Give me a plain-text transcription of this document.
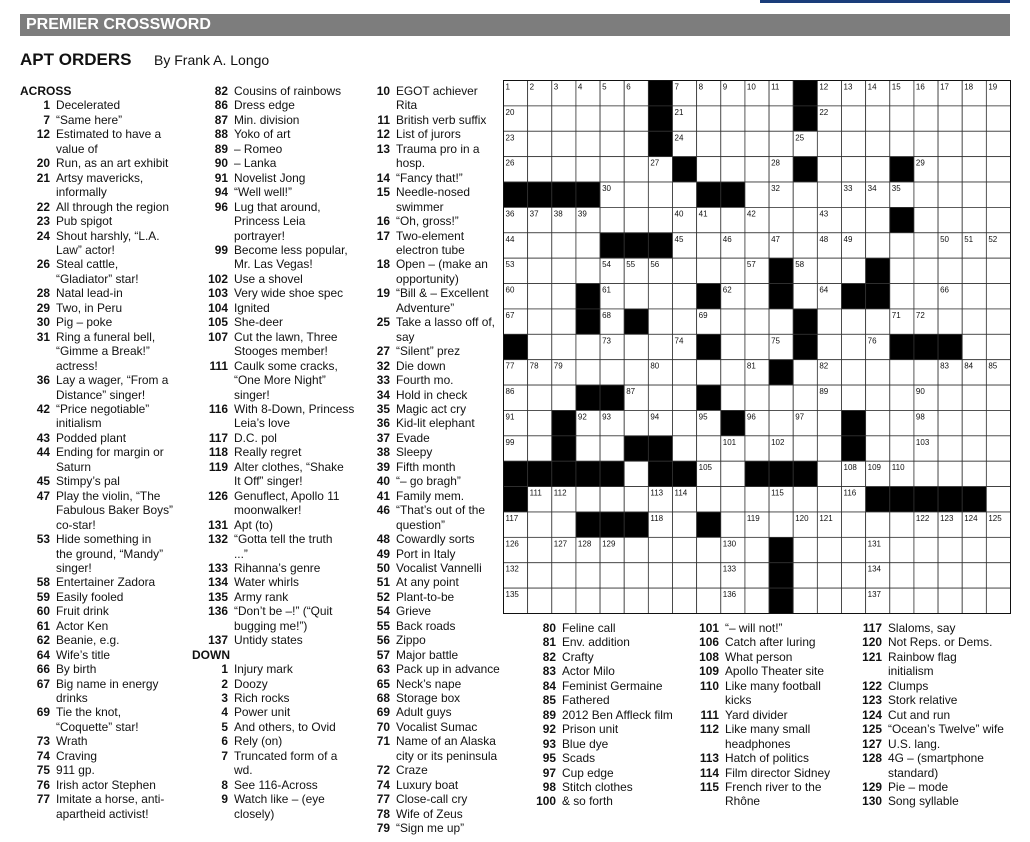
PREMIER CROSSWORD
APT ORDERS By Frank A. Longo
ACROSS
1 Decelerated
7 “Same here”
12 Estimated to have a
value of
20 Run, as an art exhibit
21 Artsy mavericks,
informally
22 All through the region
23 Pub spigot
24 Shout harshly, “L.A.
Law” actor!
26 Steal cattle,
“Gladiator” star!
28 Natal lead-in
29 Two, in Peru
30 Pig – poke
31 Ring a funeral bell,
“Gimme a Break!”
actress!
36 Lay a wager, “From a
Distance” singer!
42 “Price negotiable”
initialism
43 Podded plant
44 Ending for margin or
Saturn
45 Stimpy’s pal
47 Play the violin, “The
Fabulous Baker Boys”
co-star!
53 Hide something in
the ground, “Mandy”
singer!
58 Entertainer Zadora
59 Easily fooled
60 Fruit drink
61 Actor Ken
62 Beanie, e.g.
64 Wife’s title
66 By birth
67 Big name in energy
drinks
69 Tie the knot,
“Coquette” star!
73 Wrath
74 Craving
75 911 gp.
76 Irish actor Stephen
77 Imitate a horse, anti-
apartheid activist!
82 Cousins of rainbows
86 Dress edge
87 Min. division
88 Yoko of art
89 – Romeo
90 – Lanka
91 Novelist Jong
94 “Well well!”
96 Lug that around,
Princess Leia
portrayer!
99 Become less popular,
Mr. Las Vegas!
102 Use a shovel
103 Very wide shoe spec
104 Ignited
105 She-deer
107 Cut the lawn, Three
Stooges member!
111 Caulk some cracks,
“One More Night”
singer!
116 With 8-Down, Princess
Leia’s love
117 D.C. pol
118 Really regret
119 Alter clothes, “Shake
It Off” singer!
126 Genuflect, Apollo 11
moonwalker!
131 Apt (to)
132 “Gotta tell the truth
...”
133 Rihanna’s genre
134 Water whirls
135 Army rank
136 “Don’t be –!” (“Quit
bugging me!”)
137 Untidy states
DOWN
1 Injury mark
2 Doozy
3 Rich rocks
4 Power unit
5 And others, to Ovid
6 Rely (on)
7 Truncated form of a
wd.
8 See 116-Across
9 Watch like – (eye
closely)
10 EGOT achiever Rita
11 British verb suffix
12 List of jurors
13 Trauma pro in a
hosp.
14 “Fancy that!”
15 Needle-nosed
swimmer
16 “Oh, gross!”
17 Two-element
electron tube
18 Open – (make an
opportunity)
19 “Bill & – Excellent
Adventure”
25 Take a lasso off of,
say
27 “Silent” prez
32 Die down
33 Fourth mo.
34 Hold in check
35 Magic act cry
36 Kid-lit elephant
37 Evade
38 Sleepy
39 Fifth month
40 “– go bragh”
41 Family mem.
46 “That’s out of the
question”
48 Cowardly sorts
49 Port in Italy
50 Vocalist Vannelli
51 At any point
52 Plant-to-be
54 Grieve
55 Back roads
56 Zippo
57 Major battle
63 Pack up in advance
65 Neck’s nape
68 Storage box
69 Adult guys
70 Vocalist Sumac
71 Name of an Alaska
city or its peninsula
72 Craze
74 Luxury boat
77 Close-call cry
78 Wife of Zeus
79 “Sign me up”
80 Feline call
81 Env. addition
82 Crafty
83 Actor Milo
84 Feminist Germaine
85 Fathered
89 2012 Ben Affleck film
92 Prison unit
93 Blue dye
95 Scads
97 Cup edge
98 Stitch clothes
100 & so forth
101 “– will not!”
106 Catch after luring
108 What person
109 Apollo Theater site
110 Like many football
kicks
111 Yard divider
112 Like many small
headphones
113 Hatch of politics
114 Film director Sidney
115 French river to the
Rhône
117 Slaloms, say
120 Not Reps. or Dems.
121 Rainbow flag
initialism
122 Clumps
123 Stork relative
124 Cut and run
125 “Ocean’s Twelve” wife
127 U.S. lang.
128 4G – (smartphone
standard)
129 Pie – mode
130 Song syllable
1 2 3 4 5 6	7 8 9 10 11	12 13 14 15 16 17 18 19
20	21	22
23	24	25
26	27	28	29
30	32	33 34 35
36 37 38 39	40 41	42	43
44	45	46	47	48 49	50 51 52
53	54 55 56	57	58
60	61	62	64	66
67	68	69	71 72
73	74	75	76
77 78 79	80	81	82	83 84 85
86	87	89	90
91	92 93	94	95	96	97	98
99	101	102	103
105	108 109 110
111 112	113 114	115	116
117	118	119	120 121	122 123 124 125
126	127 128 129	130	131
132	133	134
135	136	137
